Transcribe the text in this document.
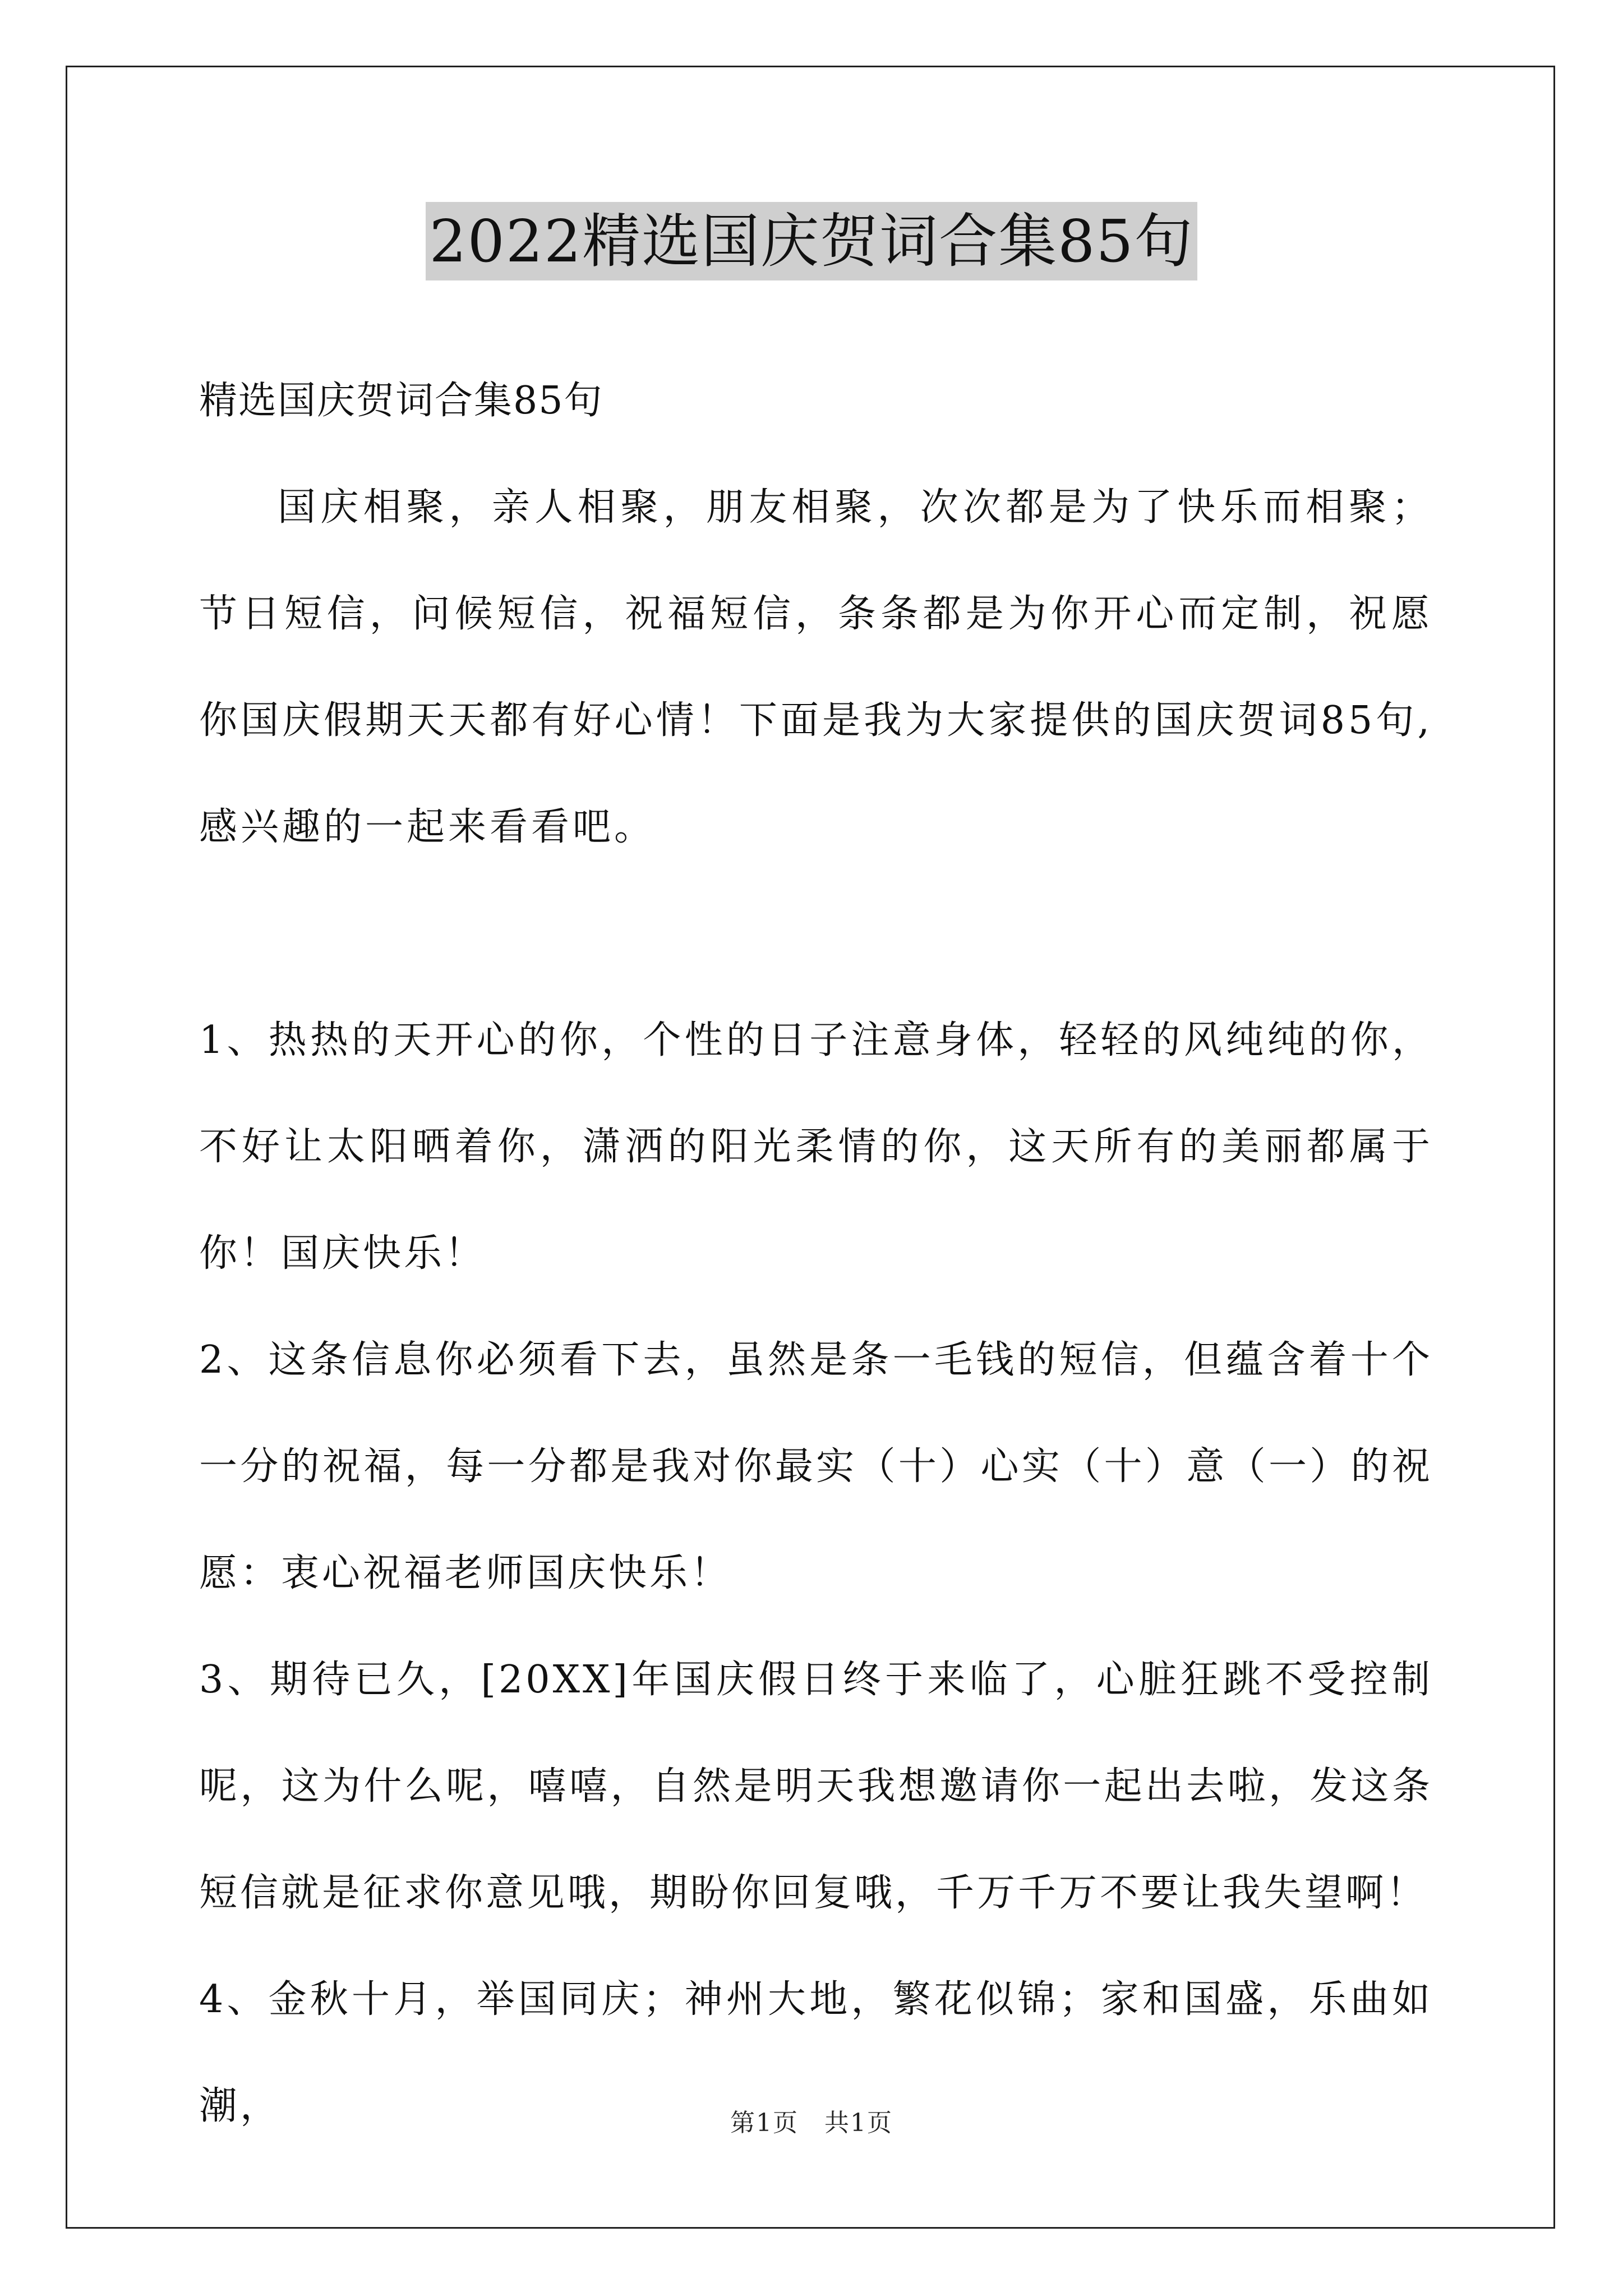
2022精选国庆贺词合集85句

精选国庆贺词合集85句

国庆相聚，亲人相聚，朋友相聚，次次都是为了快乐而相聚；节日短信，问候短信，祝福短信，条条都是为你开心而定制，祝愿你国庆假期天天都有好心情！下面是我为大家提供的国庆贺词85句,感兴趣的一起来看看吧。

1、热热的天开心的你，个性的日子注意身体，轻轻的风纯纯的你，不好让太阳晒着你，潇洒的阳光柔情的你，这天所有的美丽都属于你！国庆快乐！

2、这条信息你必须看下去，虽然是条一毛钱的短信，但蕴含着十个一分的祝福，每一分都是我对你最实（十）心实（十）意（一）的祝愿：衷心祝福老师国庆快乐！

3、期待已久，[20XX]年国庆假日终于来临了，心脏狂跳不受控制呢，这为什么呢，嘻嘻，自然是明天我想邀请你一起出去啦，发这条短信就是征求你意见哦，期盼你回复哦，千万千万不要让我失望啊！

4、金秋十月，举国同庆；神州大地，繁花似锦；家和国盛，乐曲如潮，	第1页　共1页
